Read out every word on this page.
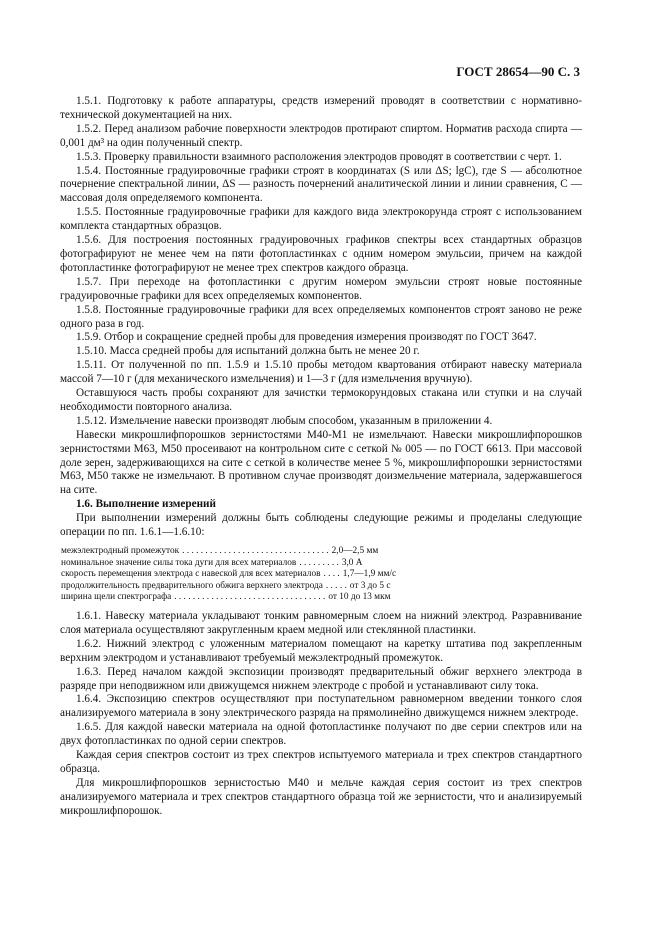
ГОСТ 28654—90 С. 3

1.5.1. Подготовку к работе аппаратуры, средств измерений проводят в соответствии с нормативно-технической документацией на них.

1.5.2. Перед анализом рабочие поверхности электродов протирают спиртом. Норматив расхода спирта — 0,001 дм³ на один полученный спектр.

1.5.3. Проверку правильности взаимного расположения электродов проводят в соответствии с черт. 1.

1.5.4. Постоянные градуировочные графики строят в координатах (S или ΔS; lgC), где S — абсолютное почернение спектральной линии, ΔS — разность почернений аналитической линии и линии сравнения, C — массовая доля определяемого компонента.

1.5.5. Постоянные градуировочные графики для каждого вида электрокорунда строят с использованием комплекта стандартных образцов.

1.5.6. Для построения постоянных градуировочных графиков спектры всех стандартных образцов фотографируют не менее чем на пяти фотопластинках с одним номером эмульсии, причем на каждой фотопластинке фотографируют не менее трех спектров каждого образца.

1.5.7. При переходе на фотопластинки с другим номером эмульсии строят новые постоянные градуировочные графики для всех определяемых компонентов.

1.5.8. Постоянные градуировочные графики для всех определяемых компонентов строят заново не реже одного раза в год.

1.5.9. Отбор и сокращение средней пробы для проведения измерения производят по ГОСТ 3647.

1.5.10. Масса средней пробы для испытаний должна быть не менее 20 г.

1.5.11. От полученной по пп. 1.5.9 и 1.5.10 пробы методом квартования отбирают навеску материала массой 7—10 г (для механического измельчения) и 1—3 г (для измельчения вручную).

Оставшуюся часть пробы сохраняют для зачистки термокорундовых стакана или ступки и на случай необходимости повторного анализа.

1.5.12. Измельчение навески производят любым способом, указанным в приложении 4.

Навески микрошлифпорошков зернистостями М40-М1 не измельчают. Навески микрошлифпорошков зернистостями М63, М50 просеивают на контрольном сите с сеткой № 005 — по ГОСТ 6613. При массовой доле зерен, задерживающихся на сите с сеткой в количестве менее 5 %, микрошлифпорошки зернистостями М63, М50 также не измельчают. В противном случае производят доизмельчение материала, задержавшегося на сите.

1.6. Выполнение измерений

При выполнении измерений должны быть соблюдены следующие режимы и проделаны следующие операции по пп. 1.6.1—1.6.10:

межэлектродный промежуток . . . . . . . . . . . . . . . . . . . . . . . . . . . . . . . . 2,0—2,5 мм
номинальное значение силы тока дуги для всех материалов . . . . . . . . . 3,0 А
скорость перемещения электрода с навеской для всех материалов . . . . 1,7—1,9 мм/с
продолжительность предварительного обжига верхнего электрода . . . . . от 3 до 5 с
ширина щели спектрографа . . . . . . . . . . . . . . . . . . . . . . . . . . . . . . . . . от 10 до 13 мкм

1.6.1. Навеску материала укладывают тонким равномерным слоем на нижний электрод. Разравнивание слоя материала осуществляют закругленным краем медной или стеклянной пластинки.

1.6.2. Нижний электрод с уложенным материалом помещают на каретку штатива под закрепленным верхним электродом и устанавливают требуемый межэлектродный промежуток.

1.6.3. Перед началом каждой экспозиции производят предварительный обжиг верхнего электрода в разряде при неподвижном или движущемся нижнем электроде с пробой и устанавливают силу тока.

1.6.4. Экспозицию спектров осуществляют при поступательном равномерном введении тонкого слоя анализируемого материала в зону электрического разряда на прямолинейно движущемся нижнем электроде.

1.6.5. Для каждой навески материала на одной фотопластинке получают по две серии спектров или на двух фотопластинках по одной серии спектров.

Каждая серия спектров состоит из трех спектров испытуемого материала и трех спектров стандартного образца.

Для микрошлифпорошков зернистостью М40 и мельче каждая серия состоит из трех спектров анализируемого материала и трех спектров стандартного образца той же зернистости, что и анализируемый микрошлифпорошок.
